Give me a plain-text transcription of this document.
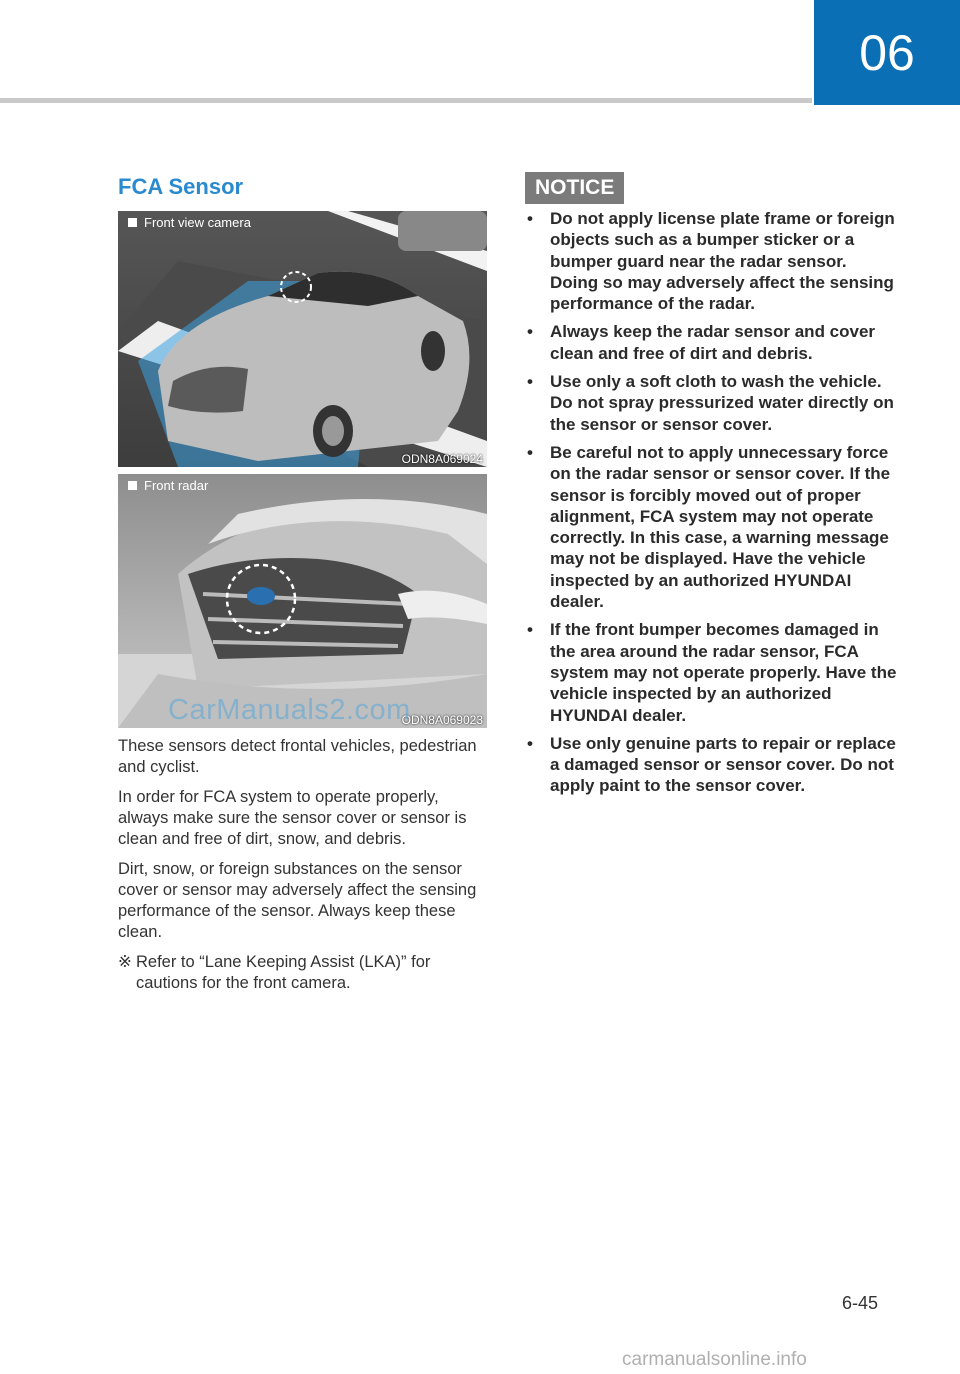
06
FCA Sensor
Front view camera
ODN8A069024
Front radar
ODN8A069023
CarManuals2.com

These sensors detect frontal vehicles, pedestrian and cyclist.

In order for FCA system to operate properly, always make sure the sensor cover or sensor is clean and free of dirt, snow, and debris.

Dirt, snow, or foreign substances on the sensor cover or sensor may adversely affect the sensing performance of the sensor. Always keep these clean.

※ Refer to “Lane Keeping Assist (LKA)” for cautions for the front camera.
NOTICE
•	Do not apply license plate frame or foreign objects such as a bumper sticker or a bumper guard near the radar sensor. Doing so may adversely affect the sensing performance of the radar.
•	Always keep the radar sensor and cover clean and free of dirt and debris.
•	Use only a soft cloth to wash the vehicle. Do not spray pressurized water directly on the sensor or sensor cover.
•	Be careful not to apply unnecessary force on the radar sensor or sensor cover. If the sensor is forcibly moved out of proper alignment, FCA system may not operate correctly. In this case, a warning message may not be displayed. Have the vehicle inspected by an authorized HYUNDAI dealer.
•	If the front bumper becomes damaged in the area around the radar sensor, FCA system may not operate properly. Have the vehicle inspected by an authorized HYUNDAI dealer.
•	Use only genuine parts to repair or replace a damaged sensor or sensor cover. Do not apply paint to the sensor cover.
6-45
carmanualsonline.info
